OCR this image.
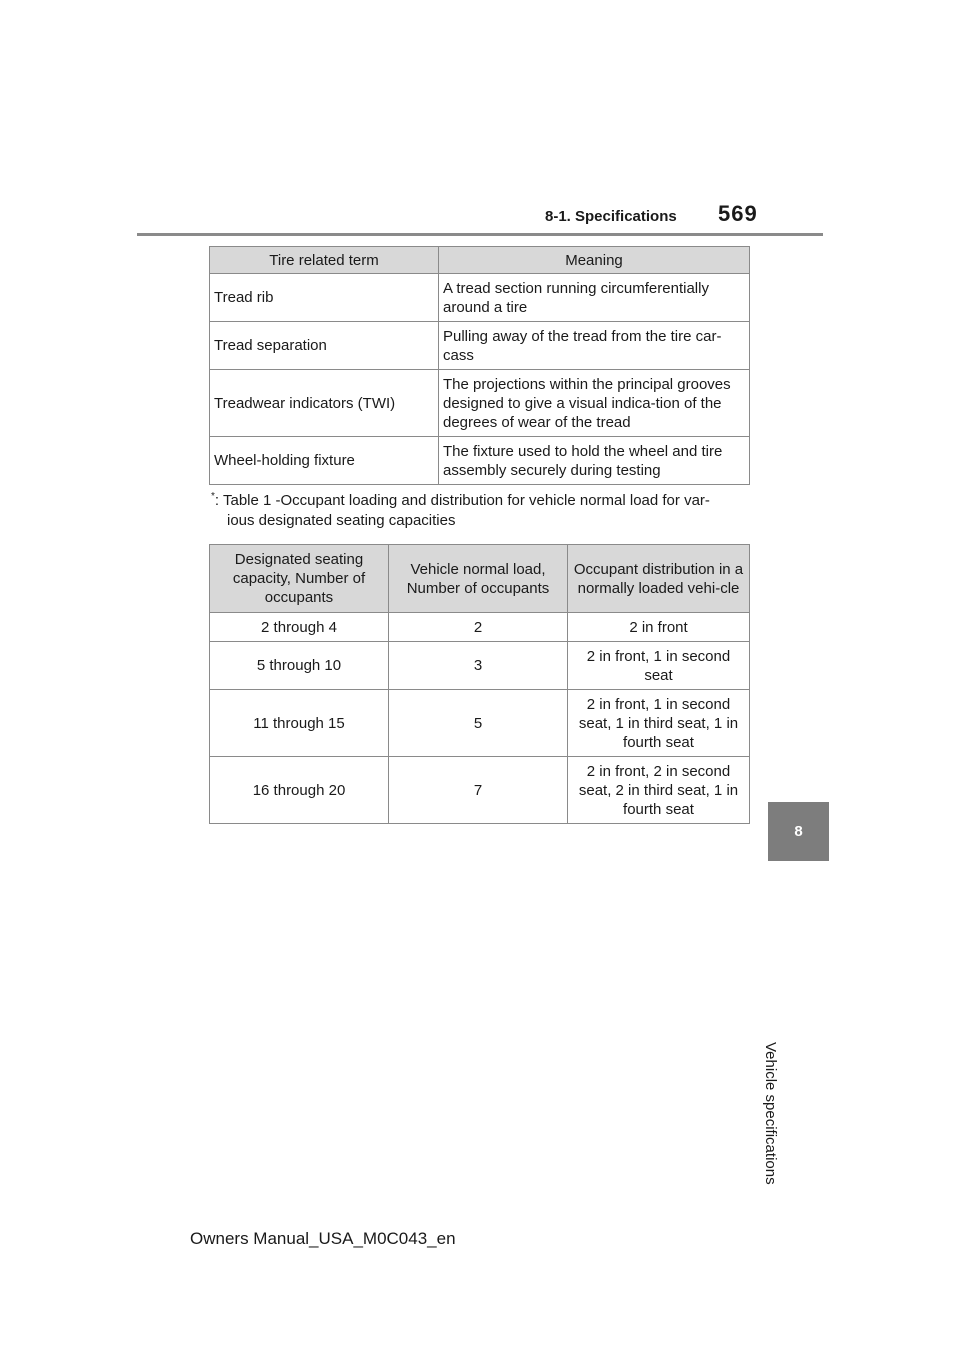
8-1. Specifications 569
8
Vehicle specifications
Tire related term	Meaning
Tread rib	A tread section running circumferentially around a tire
Tread separation	Pulling away of the tread from the tire car-cass
Treadwear indicators (TWI)	The projections within the principal grooves designed to give a visual indica-tion of the degrees of wear of the tread
Wheel-holding fixture	The fixture used to hold the wheel and tire assembly securely during testing
*: Table 1 -Occupant loading and distribution for vehicle normal load for var-
ious designated seating capacities
Designated seating capacity, Number of occupants	Vehicle normal load, Number of occupants	Occupant distribution in a normally loaded vehi-cle
2 through 4	2	2 in front
5 through 10	3	2 in front, 1 in second seat
11 through 15	5	2 in front, 1 in second seat, 1 in third seat, 1 in fourth seat
16 through 20	7	2 in front, 2 in second seat, 2 in third seat, 1 in fourth seat
Owners Manual_USA_M0C043_en
